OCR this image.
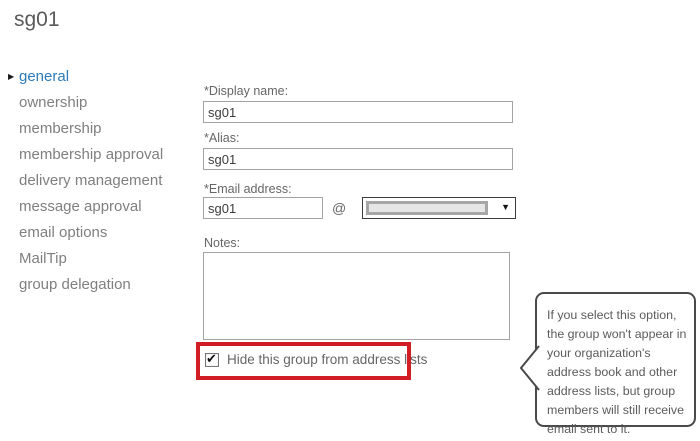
sg01
▶ general
ownership
membership
membership approval
delivery management
message approval
email options
MailTip
group delegation
*Display name:
sg01
*Alias:
sg01
*Email address:
sg01
@	▼
Notes:
✔ Hide this group from address lists
If you select this option, the group won't appear in your organization's address book and other address lists, but group members will still receive email sent to it.
